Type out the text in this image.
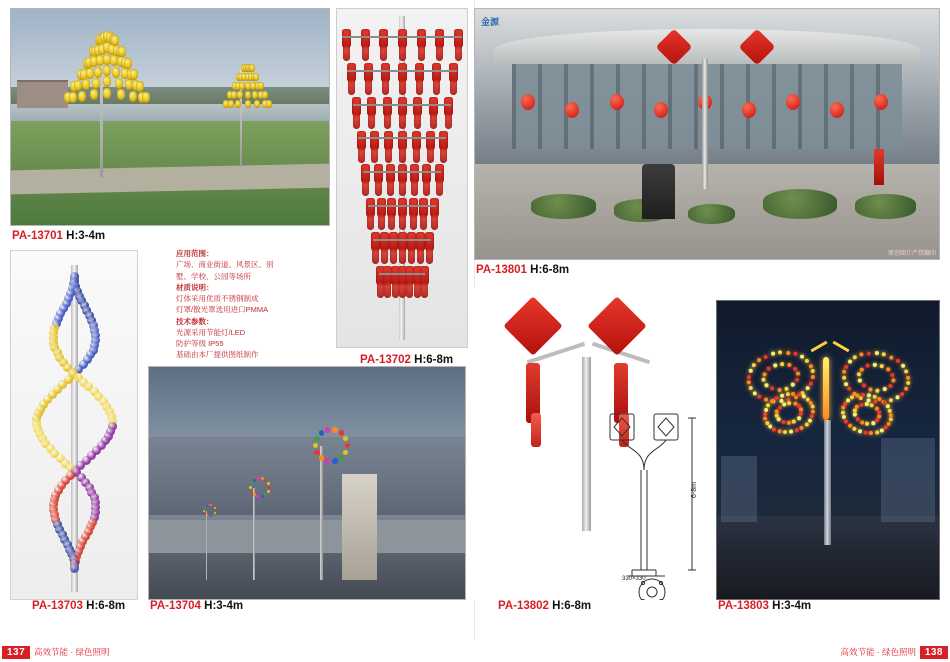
PA-13701 H:3-4m
PA-13702 H:6-8m
应用范围：
广场、商业街道、风景区、别
墅、学校、公园等场所
材质说明：
灯体采用优质不锈钢制成
灯罩/散光罩选用进口PMMA
技术参数：
光源采用节能灯/LED
防护等级 IP55
基础由本厂提供图纸制作
PA-13703 H:6-8m PA-13704 H:3-4m
金源
原创图片严禁翻印
PA-13801 H:6-8m
6-8m
330×330
PA-13802 H:6-8m	PA-13803 H:3-4m
137	高效节能 · 绿色照明	高效节能 · 绿色照明 138
